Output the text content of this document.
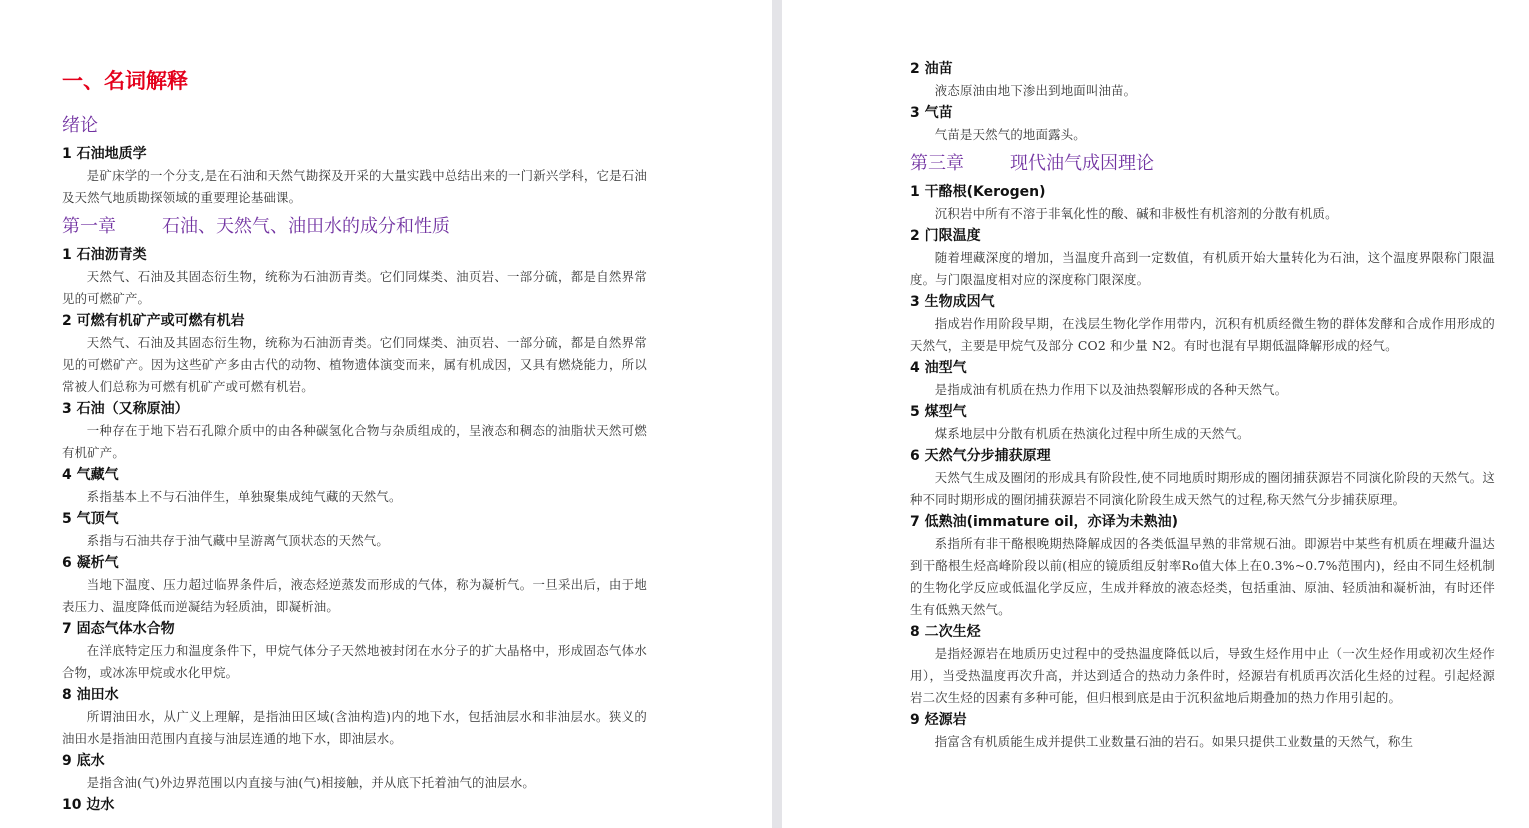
一、名词解释
绪论
1 石油地质学
是矿床学的一个分支,是在石油和天然气勘探及开采的大量实践中总结出来的一门新兴学科，它是石油及天然气地质勘探领域的重要理论基础课。
第一章	石油、天然气、油田水的成分和性质
1 石油沥青类
天然气、石油及其固态衍生物，统称为石油沥青类。它们同煤类、油页岩、一部分硫，都是自然界常见的可燃矿产。
2 可燃有机矿产或可燃有机岩
天然气、石油及其固态衍生物，统称为石油沥青类。它们同煤类、油页岩、一部分硫，都是自然界常见的可燃矿产。因为这些矿产多由古代的动物、植物遗体演变而来，属有机成因，又具有燃烧能力，所以常被人们总称为可燃有机矿产或可燃有机岩。
3 石油（又称原油）
一种存在于地下岩石孔隙介质中的由各种碳氢化合物与杂质组成的，呈液态和稠态的油脂状天然可燃有机矿产。
4 气藏气
系指基本上不与石油伴生，单独聚集成纯气藏的天然气。
5 气顶气
系指与石油共存于油气藏中呈游离气顶状态的天然气。
6 凝析气
当地下温度、压力超过临界条件后，液态烃逆蒸发而形成的气体，称为凝析气。一旦采出后，由于地表压力、温度降低而逆凝结为轻质油，即凝析油。
7 固态气体水合物
在洋底特定压力和温度条件下，甲烷气体分子天然地被封闭在水分子的扩大晶格中，形成固态气体水合物，或冰冻甲烷或水化甲烷。
8 油田水
所谓油田水，从广义上理解，是指油田区域(含油构造)内的地下水，包括油层水和非油层水。狭义的油田水是指油田范围内直接与油层连通的地下水，即油层水。
9 底水
是指含油(气)外边界范围以内直接与油(气)相接触，并从底下托着油气的油层水。
10 边水
2 油苗
液态原油由地下渗出到地面叫油苗。
3 气苗
气苗是天然气的地面露头。
第三章	现代油气成因理论
1 干酪根(Kerogen)
沉积岩中所有不溶于非氧化性的酸、碱和非极性有机溶剂的分散有机质。
2 门限温度
随着埋藏深度的增加，当温度升高到一定数值，有机质开始大量转化为石油，这个温度界限称门限温度。与门限温度相对应的深度称门限深度。
3 生物成因气
指成岩作用阶段早期，在浅层生物化学作用带内，沉积有机质经微生物的群体发酵和合成作用形成的天然气，主要是甲烷气及部分 CO2 和少量 N2。有时也混有早期低温降解形成的烃气。
4 油型气
是指成油有机质在热力作用下以及油热裂解形成的各种天然气。
5 煤型气
煤系地层中分散有机质在热演化过程中所生成的天然气。
6 天然气分步捕获原理
天然气生成及圈闭的形成具有阶段性,使不同地质时期形成的圈闭捕获源岩不同演化阶段的天然气。这种不同时期形成的圈闭捕获源岩不同演化阶段生成天然气的过程,称天然气分步捕获原理。
7 低熟油(immature oil，亦译为未熟油)
系指所有非干酪根晚期热降解成因的各类低温早熟的非常规石油。即源岩中某些有机质在埋藏升温达到干酪根生烃高峰阶段以前(相应的镜质组反射率Ro值大体上在0.3%~0.7%范围内)，经由不同生烃机制的生物化学反应或低温化学反应，生成并释放的液态烃类，包括重油、原油、轻质油和凝析油，有时还伴生有低熟天然气。
8 二次生烃
是指烃源岩在地质历史过程中的受热温度降低以后，导致生烃作用中止（一次生烃作用或初次生烃作用），当受热温度再次升高，并达到适合的热动力条件时，烃源岩有机质再次活化生烃的过程。引起烃源岩二次生烃的因素有多种可能，但归根到底是由于沉积盆地后期叠加的热力作用引起的。
9 烃源岩
指富含有机质能生成并提供工业数量石油的岩石。如果只提供工业数量的天然气，称生
